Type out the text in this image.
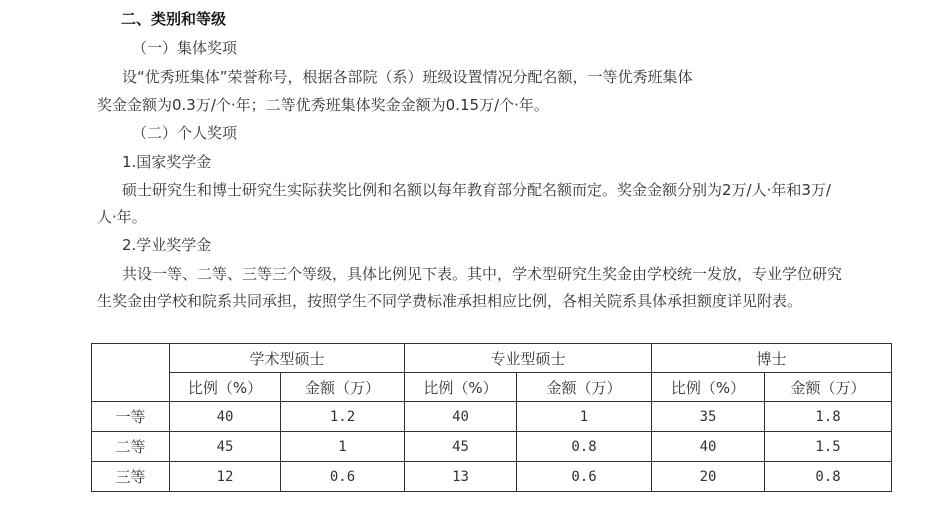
二、类别和等级
（一）集体奖项
设“优秀班集体”荣誉称号，根据各部院（系）班级设置情况分配名额，一等优秀班集体
奖金金额为0.3万/个·年；二等优秀班集体奖金金额为0.15万/个·年。
（二）个人奖项
1.国家奖学金
硕士研究生和博士研究生实际获奖比例和名额以每年教育部分配名额而定。奖金金额分别为2万/人·年和3万/
人·年。
2.学业奖学金
共设一等、二等、三等三个等级，具体比例见下表。其中，学术型研究生奖金由学校统一发放，专业学位研究
生奖金由学校和院系共同承担，按照学生不同学费标准承担相应比例，各相关院系具体承担额度详见附表。
	学术型硕士		专业型硕士		博士	
	比例（%）	金额（万）	比例（%）	金额（万）	比例（%）	金额（万）
一等	40	1.2	40	1	35	1.8
二等	45	1	45	0.8	40	1.5
三等	12	0.6	13	0.6	20	0.8
